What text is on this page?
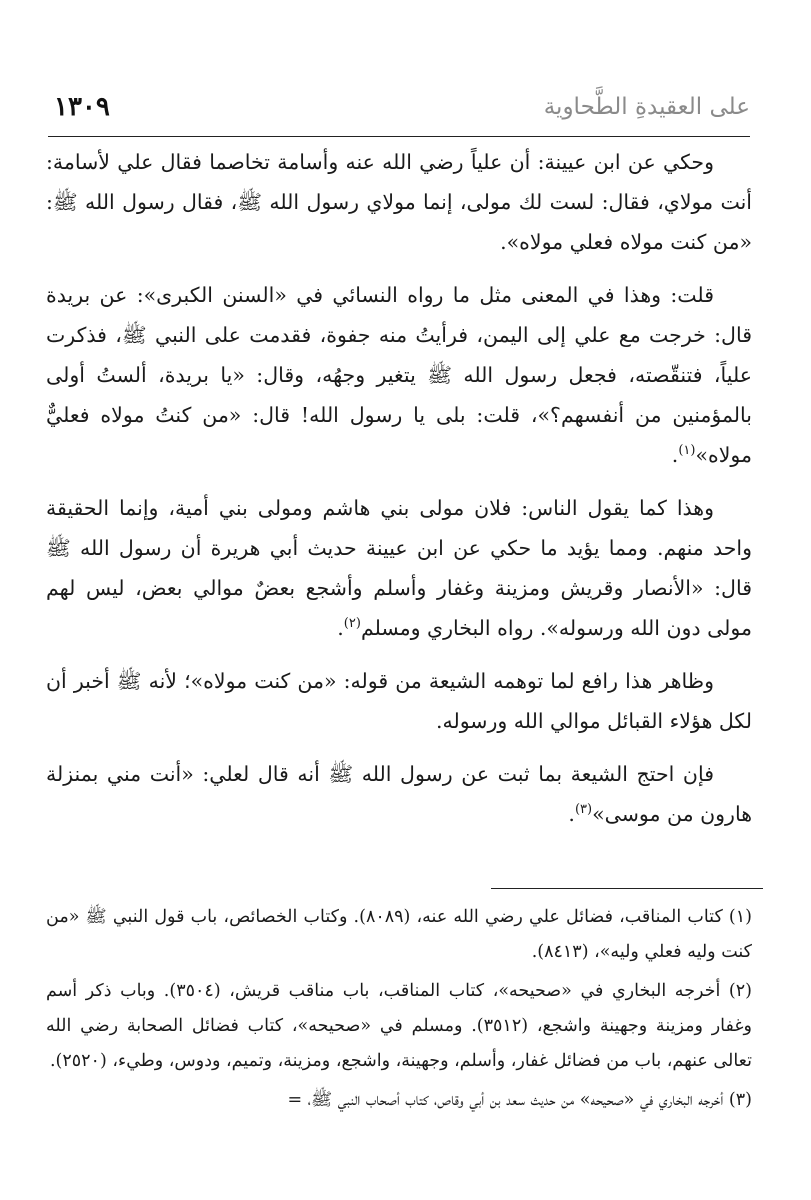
على العقيدةِ الطَّحاوية
١٣٠٩

وحكي عن ابن عيينة: أن علياً رضي الله عنه وأسامة تخاصما فقال علي لأسامة: أنت مولاي، فقال: لست لك مولى، إنما مولاي رسول الله ﷺ، فقال رسول الله ﷺ: «من كنت مولاه فعلي مولاه».

قلت: وهذا في المعنى مثل ما رواه النسائي في «السنن الكبرى»: عن بريدة قال: خرجت مع علي إلى اليمن، فرأيتُ منه جفوة، فقدمت على النبي ﷺ، فذكرت علياً، فتنقّصته، فجعل رسول الله ﷺ يتغير وجهُه، وقال: «يا بريدة، ألستُ أولى بالمؤمنين من أنفسهم؟»، قلت: بلى يا رسول الله! قال: «من كنتُ مولاه فعليٌّ مولاه»$^{(١)}$.

وهذا كما يقول الناس: فلان مولى بني هاشم ومولى بني أمية، وإنما الحقيقة واحد منهم. ومما يؤيد ما حكي عن ابن عيينة حديث أبي هريرة أن رسول الله ﷺ قال: «الأنصار وقريش ومزينة وغفار وأسلم وأشجع بعضٌ موالي بعض، ليس لهم مولى دون الله ورسوله». رواه البخاري ومسلم$^{(٢)}$.

وظاهر هذا رافع لما توهمه الشيعة من قوله: «من كنت مولاه»؛ لأنه ﷺ أخبر أن لكل هؤلاء القبائل موالي الله ورسوله.

فإن احتج الشيعة بما ثبت عن رسول الله ﷺ أنه قال لعلي: «أنت مني بمنزلة هارون من موسى»$^{(٣)}$.

(١) كتاب المناقب، فضائل علي رضي الله عنه، (٨٠٨٩). وكتاب الخصائص، باب قول النبي ﷺ «من كنت وليه فعلي وليه»، (٨٤١٣).

(٢) أخرجه البخاري في «صحيحه»، كتاب المناقب، باب مناقب قريش، (٣٥٠٤). وباب ذكر أسم وغفار ومزينة وجهينة واشجع، (٣٥١٢). ومسلم في «صحيحه»، كتاب فضائل الصحابة رضي الله تعالى عنهم، باب من فضائل غفار، وأسلم، وجهينة، واشجع، ومزينة، وتميم، ودوس، وطيء، (٢٥٢٠).

(٣) أخرجه البخاري في «صحيحه» من حديث سعد بن أبي وقاص، كتاب أصحاب النبي ﷺ، =
